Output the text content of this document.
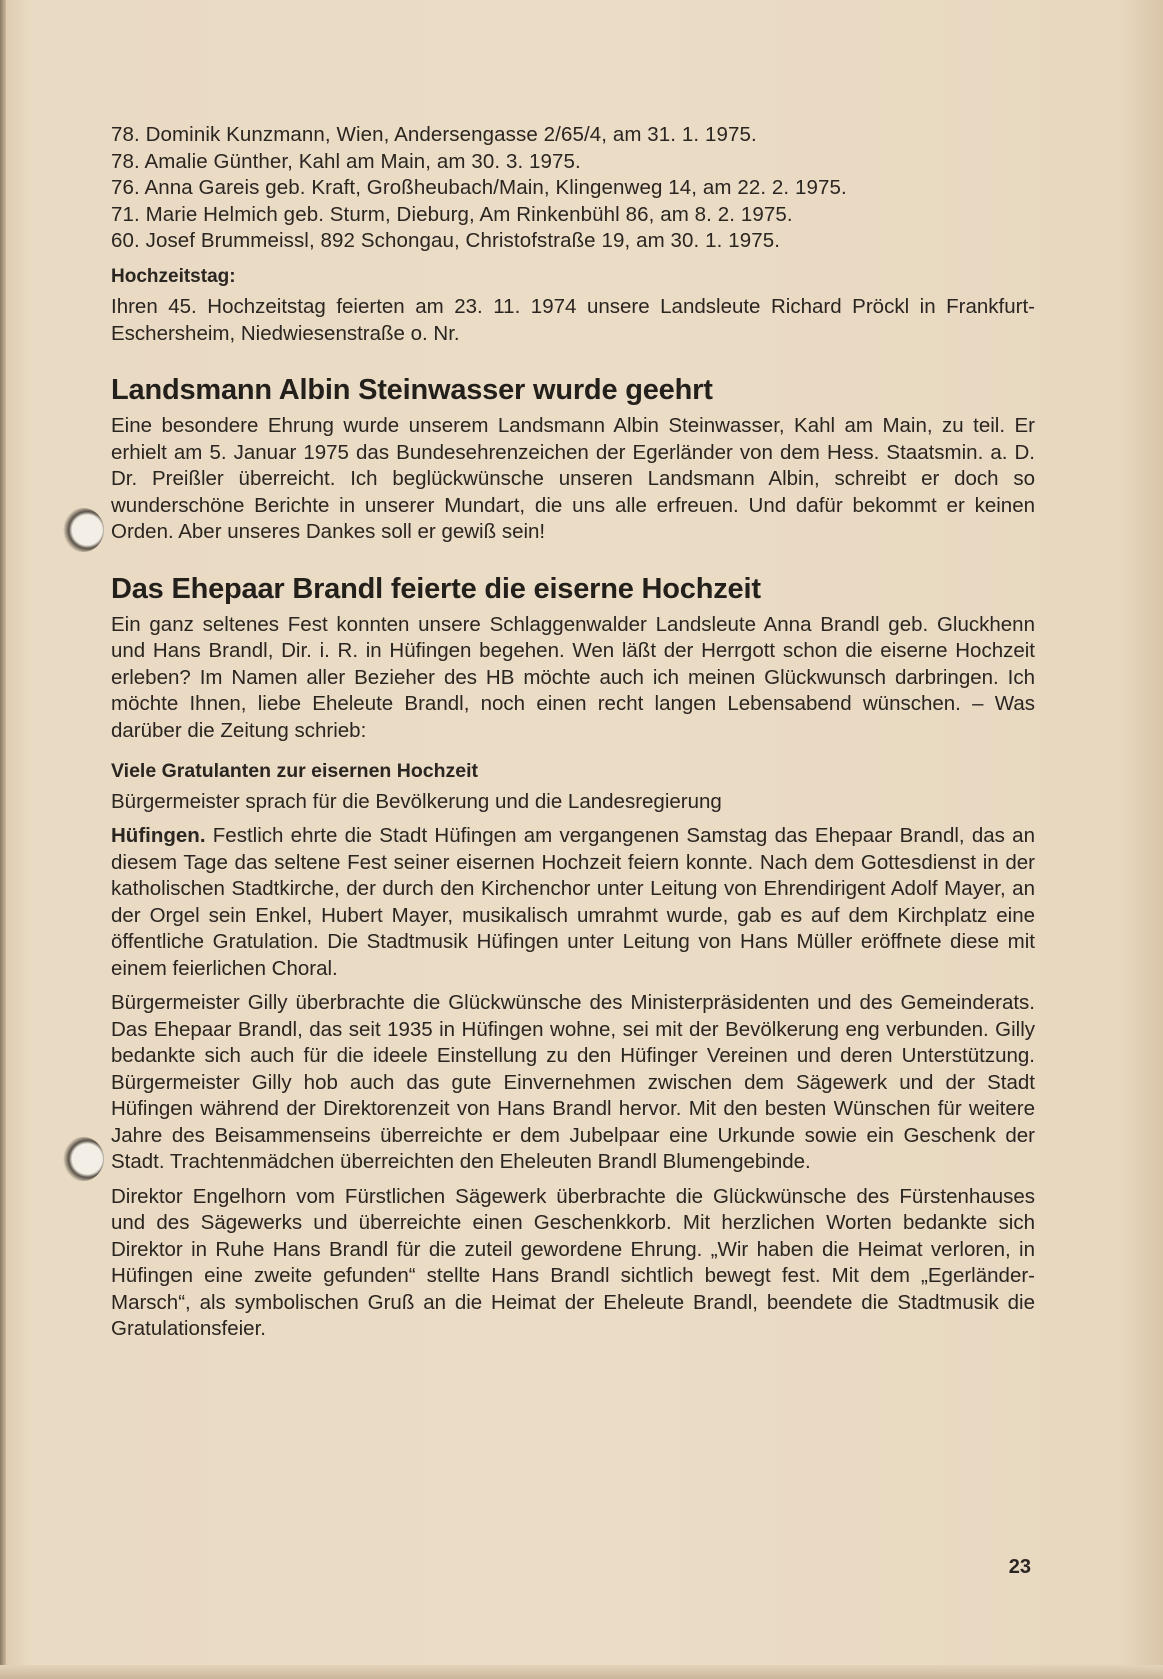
78. Dominik Kunzmann, Wien, Andersengasse 2/65/4, am 31. 1. 1975.

78. Amalie Günther, Kahl am Main, am 30. 3. 1975.

76. Anna Gareis geb. Kraft, Großheubach/Main, Klingenweg 14, am 22. 2. 1975.

71. Marie Helmich geb. Sturm, Dieburg, Am Rinkenbühl 86, am 8. 2. 1975.

60. Josef Brummeissl, 892 Schongau, Christofstraße 19, am 30. 1. 1975.

Hochzeitstag:

Ihren 45. Hochzeitstag feierten am 23. 11. 1974 unsere Landsleute Richard Pröckl in Frankfurt-Eschersheim, Niedwiesenstraße o. Nr.

Landsmann Albin Steinwasser wurde geehrt

Eine besondere Ehrung wurde unserem Landsmann Albin Steinwasser, Kahl am Main, zu teil. Er erhielt am 5. Januar 1975 das Bundesehrenzeichen der Egerländer von dem Hess. Staatsmin. a. D. Dr. Preißler überreicht. Ich beglückwünsche unseren Landsmann Albin, schreibt er doch so wunderschöne Berichte in unserer Mundart, die uns alle erfreuen. Und dafür bekommt er keinen Orden. Aber unseres Dankes soll er gewiß sein!

Das Ehepaar Brandl feierte die eiserne Hochzeit

Ein ganz seltenes Fest konnten unsere Schlaggenwalder Landsleute Anna Brandl geb. Gluckhenn und Hans Brandl, Dir. i. R. in Hüfingen begehen. Wen läßt der Herrgott schon die eiserne Hochzeit erleben? Im Namen aller Bezieher des HB möchte auch ich meinen Glückwunsch darbringen. Ich möchte Ihnen, liebe Eheleute Brandl, noch einen recht langen Lebensabend wünschen. – Was darüber die Zeitung schrieb:

Viele Gratulanten zur eisernen Hochzeit

Bürgermeister sprach für die Bevölkerung und die Landesregierung

Hüfingen. Festlich ehrte die Stadt Hüfingen am vergangenen Samstag das Ehepaar Brandl, das an diesem Tage das seltene Fest seiner eisernen Hochzeit feiern konnte. Nach dem Gottesdienst in der katholischen Stadtkirche, der durch den Kirchenchor unter Leitung von Ehrendirigent Adolf Mayer, an der Orgel sein Enkel, Hubert Mayer, musikalisch umrahmt wurde, gab es auf dem Kirchplatz eine öffentliche Gratulation. Die Stadtmusik Hüfingen unter Leitung von Hans Müller eröffnete diese mit einem feierlichen Choral.

Bürgermeister Gilly überbrachte die Glückwünsche des Ministerpräsidenten und des Gemeinderats. Das Ehepaar Brandl, das seit 1935 in Hüfingen wohne, sei mit der Bevölkerung eng verbunden. Gilly bedankte sich auch für die ideele Einstellung zu den Hüfinger Vereinen und deren Unterstützung. Bürgermeister Gilly hob auch das gute Einvernehmen zwischen dem Sägewerk und der Stadt Hüfingen während der Direktorenzeit von Hans Brandl hervor. Mit den besten Wünschen für weitere Jahre des Beisammenseins überreichte er dem Jubelpaar eine Urkunde sowie ein Geschenk der Stadt. Trachtenmädchen überreichten den Eheleuten Brandl Blumengebinde.

Direktor Engelhorn vom Fürstlichen Sägewerk überbrachte die Glückwünsche des Fürstenhauses und des Sägewerks und überreichte einen Geschenkkorb. Mit herzlichen Worten bedankte sich Direktor in Ruhe Hans Brandl für die zuteil gewordene Ehrung. „Wir haben die Heimat verloren, in Hüfingen eine zweite gefunden“ stellte Hans Brandl sichtlich bewegt fest. Mit dem „Egerländer-Marsch“, als symbolischen Gruß an die Heimat der Eheleute Brandl, beendete die Stadtmusik die Gratulationsfeier.

23
